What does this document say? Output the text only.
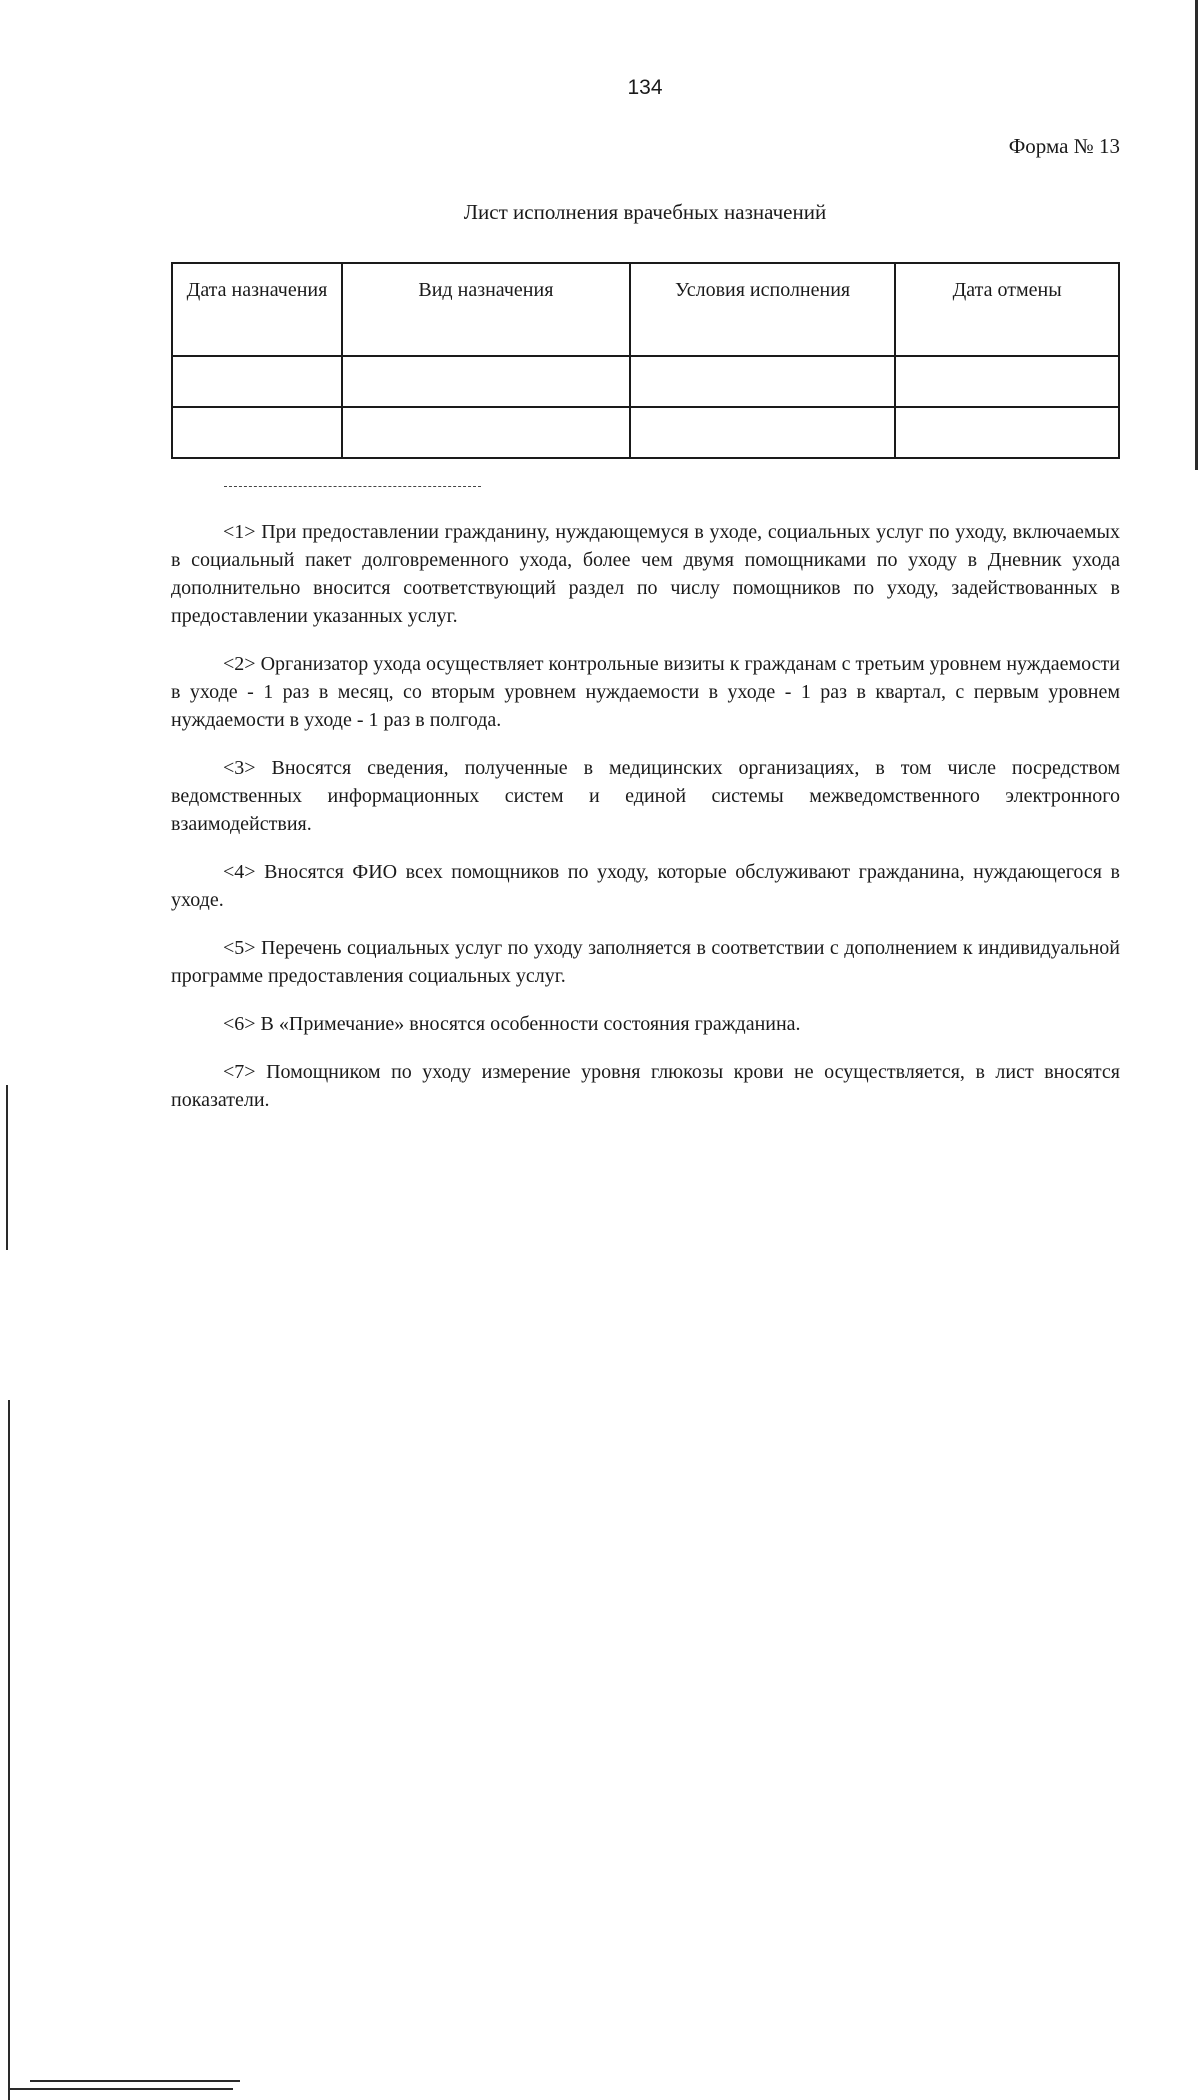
134
Форма № 13
Лист исполнения врачебных назначений
Дата назначения	Вид назначения	Условия исполнения	Дата отмены

<1> При предоставлении гражданину, нуждающемуся в уходе, социальных услуг по уходу, включаемых в социальный пакет долговременного ухода, более чем двумя помощниками по уходу в Дневник ухода дополнительно вносится соответствующий раздел по числу помощников по уходу, задействованных в предоставлении указанных услуг.

<2> Организатор ухода осуществляет контрольные визиты к гражданам с третьим уровнем нуждаемости в уходе - 1 раз в месяц, со вторым уровнем нуждаемости в уходе - 1 раз в квартал, с первым уровнем нуждаемости в уходе - 1 раз в полгода.

<3> Вносятся сведения, полученные в медицинских организациях, в том числе посредством ведомственных информационных систем и единой системы межведомственного электронного взаимодействия.

<4> Вносятся ФИО всех помощников по уходу, которые обслуживают гражданина, нуждающегося в уходе.

<5> Перечень социальных услуг по уходу заполняется в соответствии с дополнением к индивидуальной программе предоставления социальных услуг.

<6> В «Примечание» вносятся особенности состояния гражданина.

<7> Помощником по уходу измерение уровня глюкозы крови не осуществляется, в лист вносятся показатели.
